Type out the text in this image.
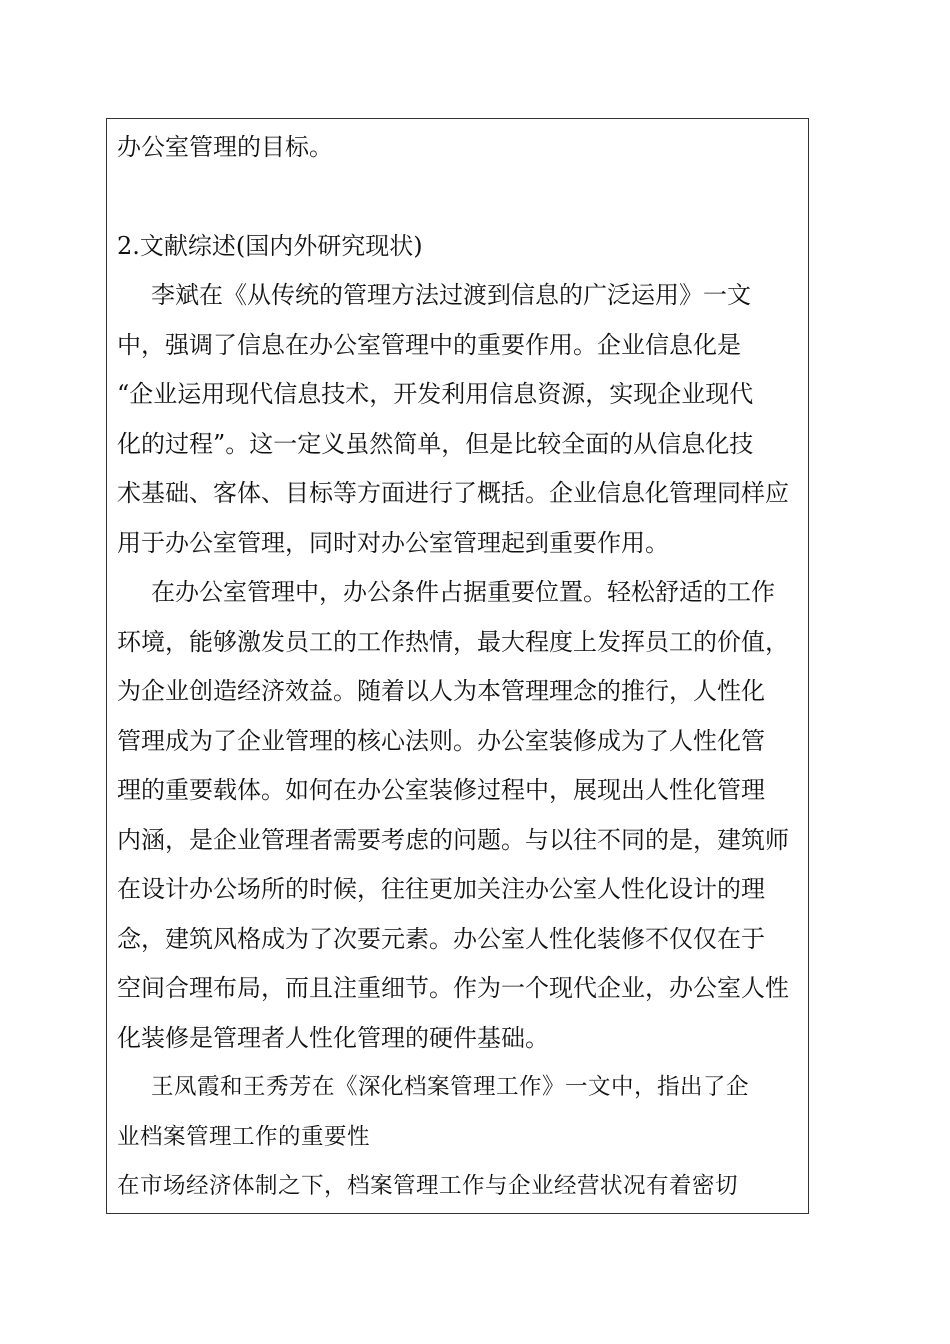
办公室管理的目标。

2.文献综述(国内外研究现状)

李斌在《从传统的管理方法过渡到信息的广泛运用》一文

中，强调了信息在办公室管理中的重要作用。企业信息化是

“企业运用现代信息技术，开发利用信息资源，实现企业现代

化的过程”。这一定义虽然简单，但是比较全面的从信息化技

术基础、客体、目标等方面进行了概括。企业信息化管理同样应

用于办公室管理，同时对办公室管理起到重要作用。

在办公室管理中，办公条件占据重要位置。轻松舒适的工作

环境，能够激发员工的工作热情，最大程度上发挥员工的价值，

为企业创造经济效益。随着以人为本管理理念的推行，人性化

管理成为了企业管理的核心法则。办公室装修成为了人性化管

理的重要载体。如何在办公室装修过程中，展现出人性化管理

内涵，是企业管理者需要考虑的问题。与以往不同的是，建筑师

在设计办公场所的时候，往往更加关注办公室人性化设计的理

念，建筑风格成为了次要元素。办公室人性化装修不仅仅在于

空间合理布局，而且注重细节。作为一个现代企业，办公室人性

化装修是管理者人性化管理的硬件基础。

王凤霞和王秀芳在《深化档案管理工作》一文中，指出了企

业档案管理工作的重要性

在市场经济体制之下，档案管理工作与企业经营状况有着密切
